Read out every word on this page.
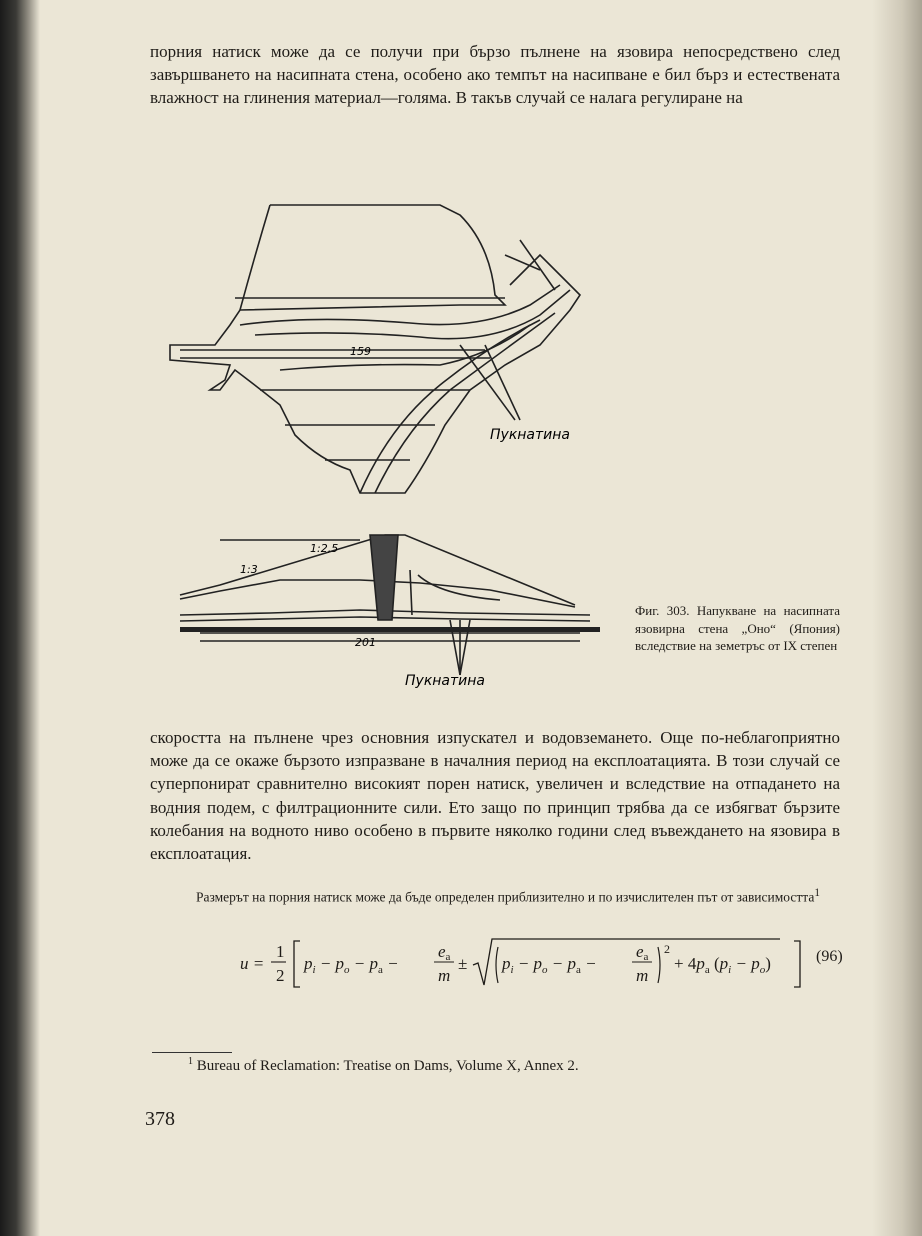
порния натиск може да се получи при бързо пълнене на язовира непосредствено след завършването на насипната стена, особено ако темпът на насипване е бил бърз и естествената влажност на глинения материал—голяма. В такъв случай се налага регулиране на

159
Пукнатина
1:3
1:2,5
201
Пукнатина
Фиг. 303. Напукване на насипната язовирна стена „Оно“ (Япония) вследствие на земетръс от IX степен

скоростта на пълнене чрез основния изпускател и водовземането. Още по-неблагоприятно може да се окаже бързото изпразване в началния период на експлоатацията. В този случай се суперпонират сравнително високият порен натиск, увеличен и вследствие на отпадането на водния подем, с филтрационните сили. Ето защо по принцип трябва да се избягват бързите колебания на водното ниво особено в първите няколко години след въвеждането на язовира в експлоатация.

Размерът на порния натиск може да бъде определен приблизително и по изчислителен път от зависимостта$^1$

u =
1
2
$p_i - p_o - p_a$ −
ea
m
± $p_i - p_o - p_a$ −
ea
m
2
+ $4p_a$ $(p_i - p_o)$	(96)
$^1$ Bureau of Reclamation: Treatise on Dams, Volume X, Annex 2.
378
